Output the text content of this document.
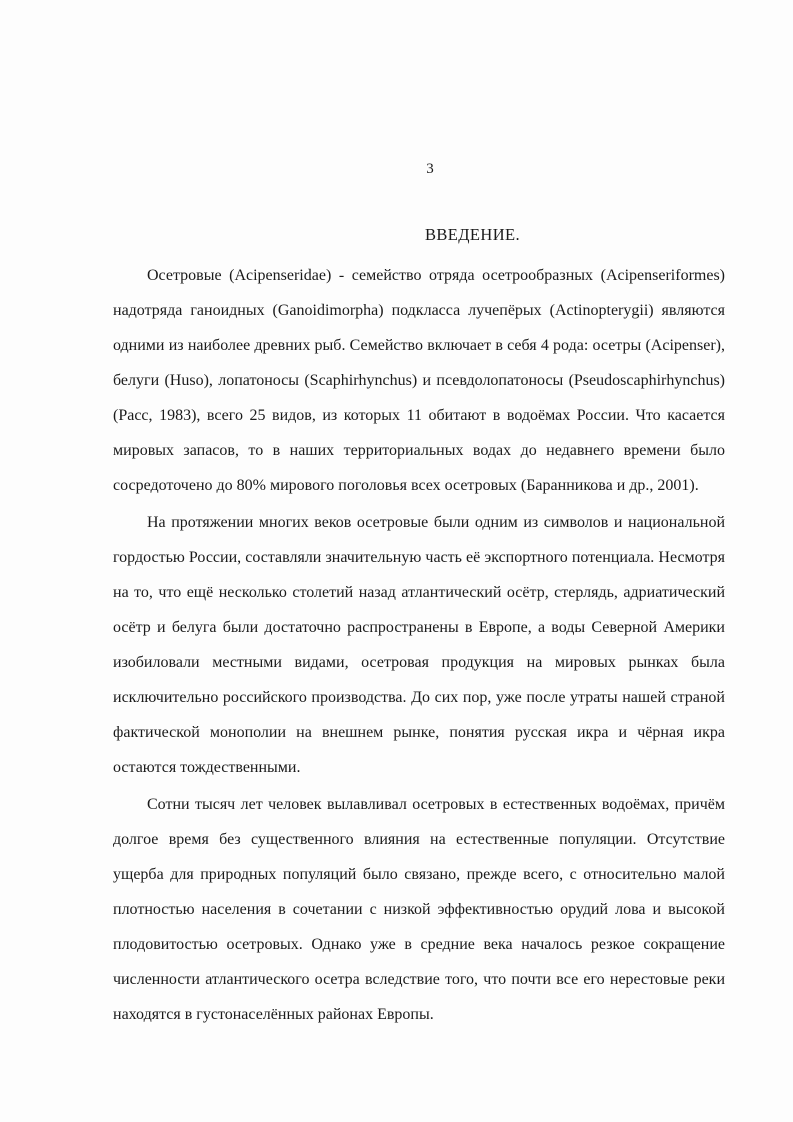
3
ВВЕДЕНИЕ.

Осетровые (Acipenseridae) - семейство отряда осетрообразных (Acipenseriformes) надотряда ганоидных (Ganoidimorpha) подкласса лучепёрых (Actinopterygii) являются одними из наиболее древних рыб. Семейство включает в себя 4 рода: осетры (Acipenser), белуги (Huso), лопатоносы (Scaphirhynchus) и псевдолопатоносы (Pseudoscaphirhynchus) (Расс, 1983), всего 25 видов, из которых 11 обитают в водоёмах России. Что касается мировых запасов, то в наших территориальных водах до недавнего времени было сосредоточено до 80% мирового поголовья всех осетровых (Баранникова и др., 2001).

На протяжении многих веков осетровые были одним из символов и национальной гордостью России, составляли значительную часть её экспортного потенциала. Несмотря на то, что ещё несколько столетий назад атлантический осётр, стерлядь, адриатический осётр и белуга были достаточно распространены в Европе, а воды Северной Америки изобиловали местными видами, осетровая продукция на мировых рынках была исключительно российского производства. До сих пор, уже после утраты нашей страной фактической монополии на внешнем рынке, понятия русская икра и чёрная икра остаются тождественными.

Сотни тысяч лет человек вылавливал осетровых в естественных водоёмах, причём долгое время без существенного влияния на естественные популяции. Отсутствие ущерба для природных популяций было связано, прежде всего, с относительно малой плотностью населения в сочетании с низкой эффективностью орудий лова и высокой плодовитостью осетровых. Однако уже в средние века началось резкое сокращение численности атлантического осетра вследствие того, что почти все его нерестовые реки находятся в густонаселённых районах Европы.
